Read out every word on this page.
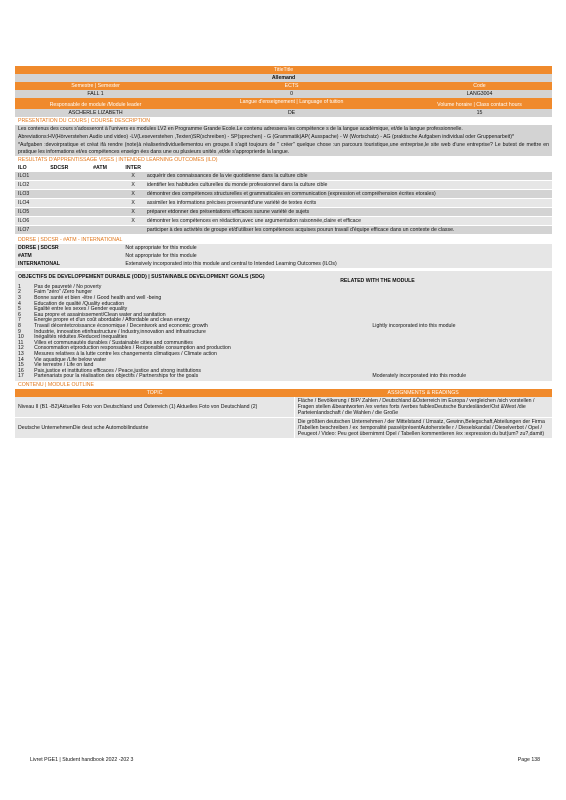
TitleTitle
Allemand
Semestre | Semester	ECTS	Code
FALL 1	0	LANG3004
Responsable de module /Module leader	Langue d'enseignement | Language of tuition	Volume horaire | Class contact hours
ASCHERLE LIZABETH	DE	15
PRESENTATION DU COURS | COURSE DESCRIPTION
Les contenus des cours s'adosseront à l'univers es modules LV2 en Programme Grande Ecole.Le contenu adressera les compétence s de la langue académique, et/de la langue professionnelle.
Abreviations:HV(Hörverstehen Audio und video) -LV(Leseverstehen ,Texten)SR(schreiben) - SP(sprechen) - G (Grammatik)AP( Ausspache) - W (Wortschatz) - AG (praktische Aufgaben individual oder Gruppenarbeit)*
*Aufgaben :devoirpratique et créat ifà rendre (note)à réaliserindividuellementou en groupe.Il s'agit toujours de " créer" quelque chose :un parcours touristique,une entreprise,le site web d'une entreprise? Le butest de mettre en pratique les informations et/es compétences enseign ées dans une ou plusieurs unités ,et/de s'approprierde la langue.
RESULTATS D'APPRENTISSAGE VISES | INTENDED LEARNING OUTCOMES (ILO)
ILO	SDCSR	#ATM	INTER
ILO1	X	acquérir des connaissances de la vie quotidienne dans la culture cible
ILO2	X	identifier les habitudes culturelles du monde professionnel dans la culture cible
ILO3	X	démontrer des compétences structurelles et grammaticales en communication (expression et compréhension écrites etorales)
ILO4	X	assimiler les informations précises provenantd'une variété de textes écrits
ILO5	X	préparer etdonner des présentations efficaces surune variété de sujets
ILO6	X	démontrer les compétences en rédaction,avec une argumentation raisonnée,claire et efficace
ILO7		participer à des activités de groupe et/d'utiliser les compétences acquises pourun travail d'équipe efficace dans un contexte de classe.
DDRSE | SDCSR - #ATM - INTERNATIONAL
DDRSE | SDCSR	Not appropriate for this module
#ATM	Not appropriate for this module
INTERNATIONAL	Extensively incorporated into this module and central to Intended Learning Outcomes (ILOs)
OBJECTIFS DE DEVELOPPEMENT DURABLE (ODD) | SUSTAINABLE DEVELOPMENT GOALS (SDG)
RELATED WITH THE MODULE
1	Pas de pauvreté / No poverty	
2	Faim "zéro" /Zero hunger	
3	Bonne santé et bien -être / Good health and well -being	
4	Education de qualité /Quality education	
5	Egalité entre les sexes / Gender equality	
6	Eau propre et assainissement/Clean water and sanitation	
7	Energie propre et d'un coût abordable / Affordable and clean energy	
8	Travail décentetcroissance économique / Decentwork and economic growth	Lightly incorporated into this module
9	Industrie, innovation etinfrastructure / Industry,innovation and infrastructure	
10	Inégalités réduites /Reduced inequalities	
11	Villes et communautés durables / Sustainable cities and communities	
12	Consommation etproduction responsables / Responsible consumption and production	
13	Mesures relatives à la lutte contre les changements climatiques / Climate action	
14	Vie aquatique /Life below water	
15	Vie terrestre / Life on land	
16	Paix,justice et institutions efficaces / Peace,justice and strong institutions	
17	Partenariats pour la réalisation des objectifs / Partnerships for the goals	Moderately incorporated into this module
CONTENU | MODULE OUTLINE
TOPIC	ASSIGNMENTS & READINGS
Niveau II (B1 -B2)Aktuelles Foto von Deutschland und Österreich (1) Aktuelles Foto von Deutschland (2)	Fläche / Bevölkerung / BIP/ Zahlen / Deutschland &Österreich im Europa / vergleichen /sich vorstellen / Fragen stellen &beantworten /ex vertes forts /verbes faiblesDeutsche Bundesländer/Ost &West /die Parteienlandschaft / die Wahlen / die Große
Deutsche UnternehmenDie deut sche Automobilindustrie	Die größten deutschen Unternehmen / der Mittelstand / Umsatz, Gewinn,Belegschaft,Abteilungen der Firma /Tabellen beschreiben / ex :temporalité passé/présentAutoherstelle r / Dieselskandal / Dieselverbot / Opel / Peugeot / Video: Peu geot übernimmt Opel / Tabellen kommentieren /ex :expression du but(um? zu?,damit)
Livret PGE1 | Student handbook 2022 -202 3	Page 138
